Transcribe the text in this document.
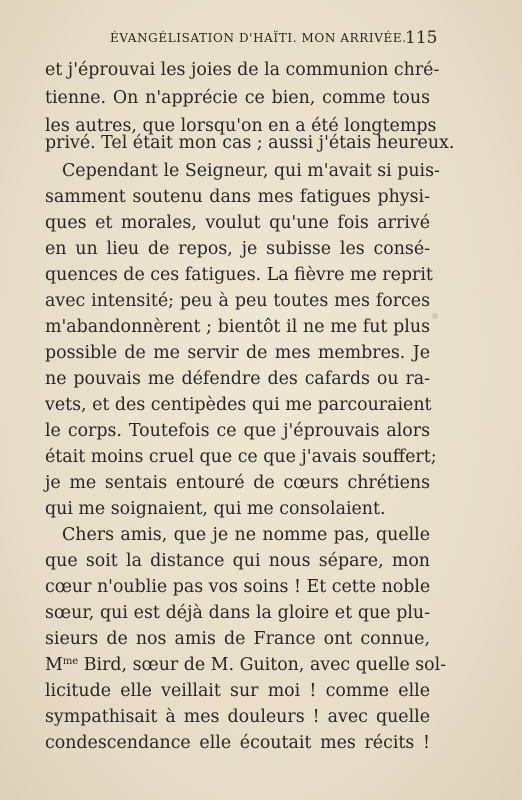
ÉVANGÉLISATION D'HAÏTI. MON ARRIVÉE.
115
et j'éprouvai les joies de la communion chré-
tienne. On n'apprécie ce bien, comme tous
les autres, que lorsqu'on en a été longtemps
privé. Tel était mon cas ; aussi j'étais heureux.
Cependant le Seigneur, qui m'avait si puis-
samment soutenu dans mes fatigues physi-
ques et morales, voulut qu'une fois arrivé
en un lieu de repos, je subisse les consé-
quences de ces fatigues. La fièvre me reprit
avec intensité; peu à peu toutes mes forces
m'abandonnèrent ; bientôt il ne me fut plus
possible de me servir de mes membres. Je
ne pouvais me défendre des cafards ou ra-
vets, et des centipèdes qui me parcouraient
le corps. Toutefois ce que j'éprouvais alors
était moins cruel que ce que j'avais souffert;
je me sentais entouré de cœurs chrétiens
qui me soignaient, qui me consolaient.
Chers amis, que je ne nomme pas, quelle
que soit la distance qui nous sépare, mon
cœur n'oublie pas vos soins ! Et cette noble
sœur, qui est déjà dans la gloire et que plu-
sieurs de nos amis de France ont connue,
$M^{me}$ Bird, sœur de M. Guiton, avec quelle sol-
licitude elle veillait sur moi ! comme elle
sympathisait à mes douleurs ! avec quelle
condescendance elle écoutait mes récits !
